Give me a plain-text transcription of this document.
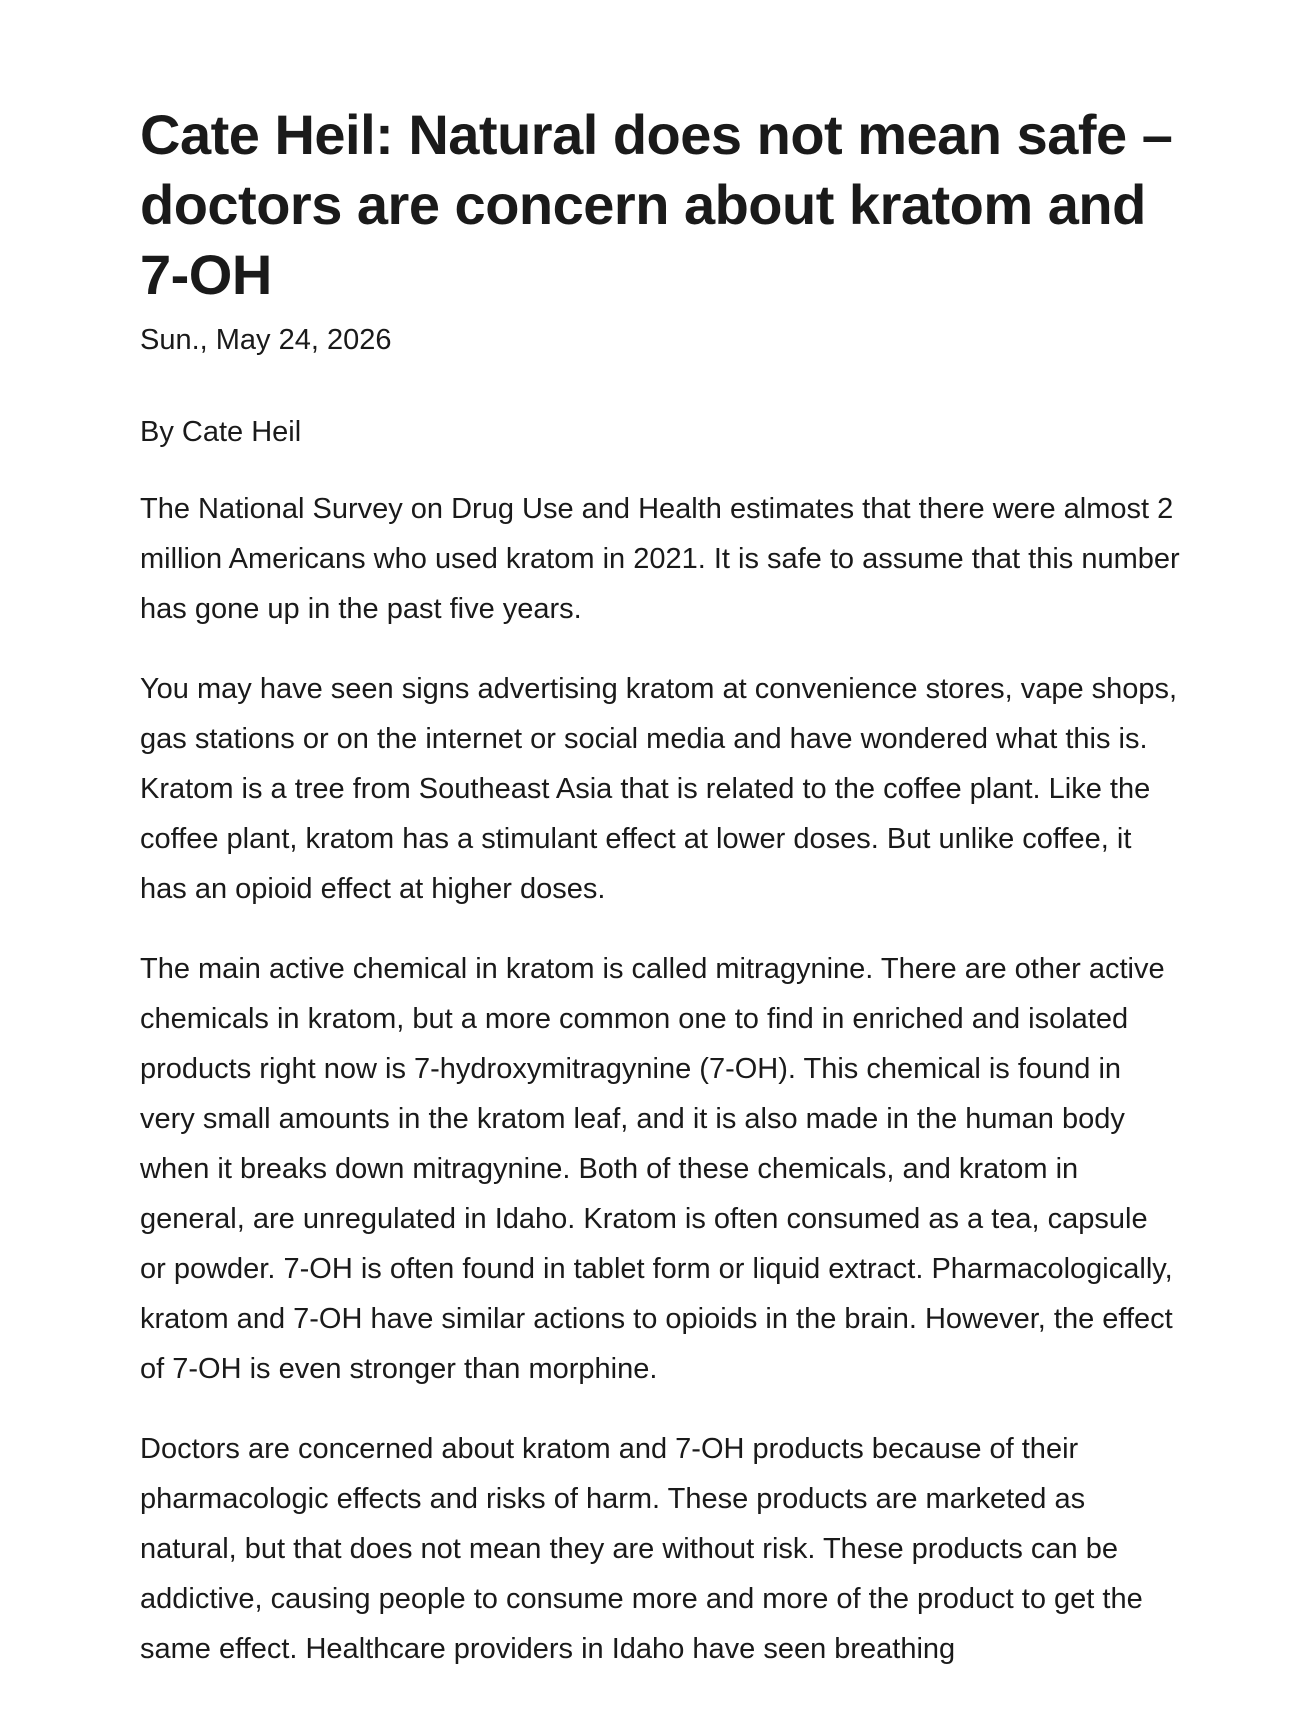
Cate Heil: Natural does not mean safe – doctors are concern about kratom and 7-OH
Sun., May 24, 2026

By Cate Heil

The National Survey on Drug Use and Health estimates that there were almost 2 million Americans who used kratom in 2021. It is safe to assume that this number has gone up in the past five years.

You may have seen signs advertising kratom at convenience stores, vape shops, gas stations or on the internet or social media and have wondered what this is. Kratom is a tree from Southeast Asia that is related to the coffee plant. Like the coffee plant, kratom has a stimulant effect at lower doses. But unlike coffee, it has an opioid effect at higher doses.

The main active chemical in kratom is called mitragynine. There are other active chemicals in kratom, but a more common one to find in enriched and isolated products right now is 7-hydroxymitragynine (7-OH). This chemical is found in very small amounts in the kratom leaf, and it is also made in the human body when it breaks down mitragynine. Both of these chemicals, and kratom in general, are unregulated in Idaho. Kratom is often consumed as a tea, capsule or powder. 7-OH is often found in tablet form or liquid extract. Pharmacologically, kratom and 7-OH have similar actions to opioids in the brain. However, the effect of 7-OH is even stronger than morphine.

Doctors are concerned about kratom and 7-OH products because of their pharmacologic effects and risks of harm. These products are marketed as natural, but that does not mean they are without risk. These products can be addictive, causing people to consume more and more of the product to get the same effect. Healthcare providers in Idaho have seen breathing
